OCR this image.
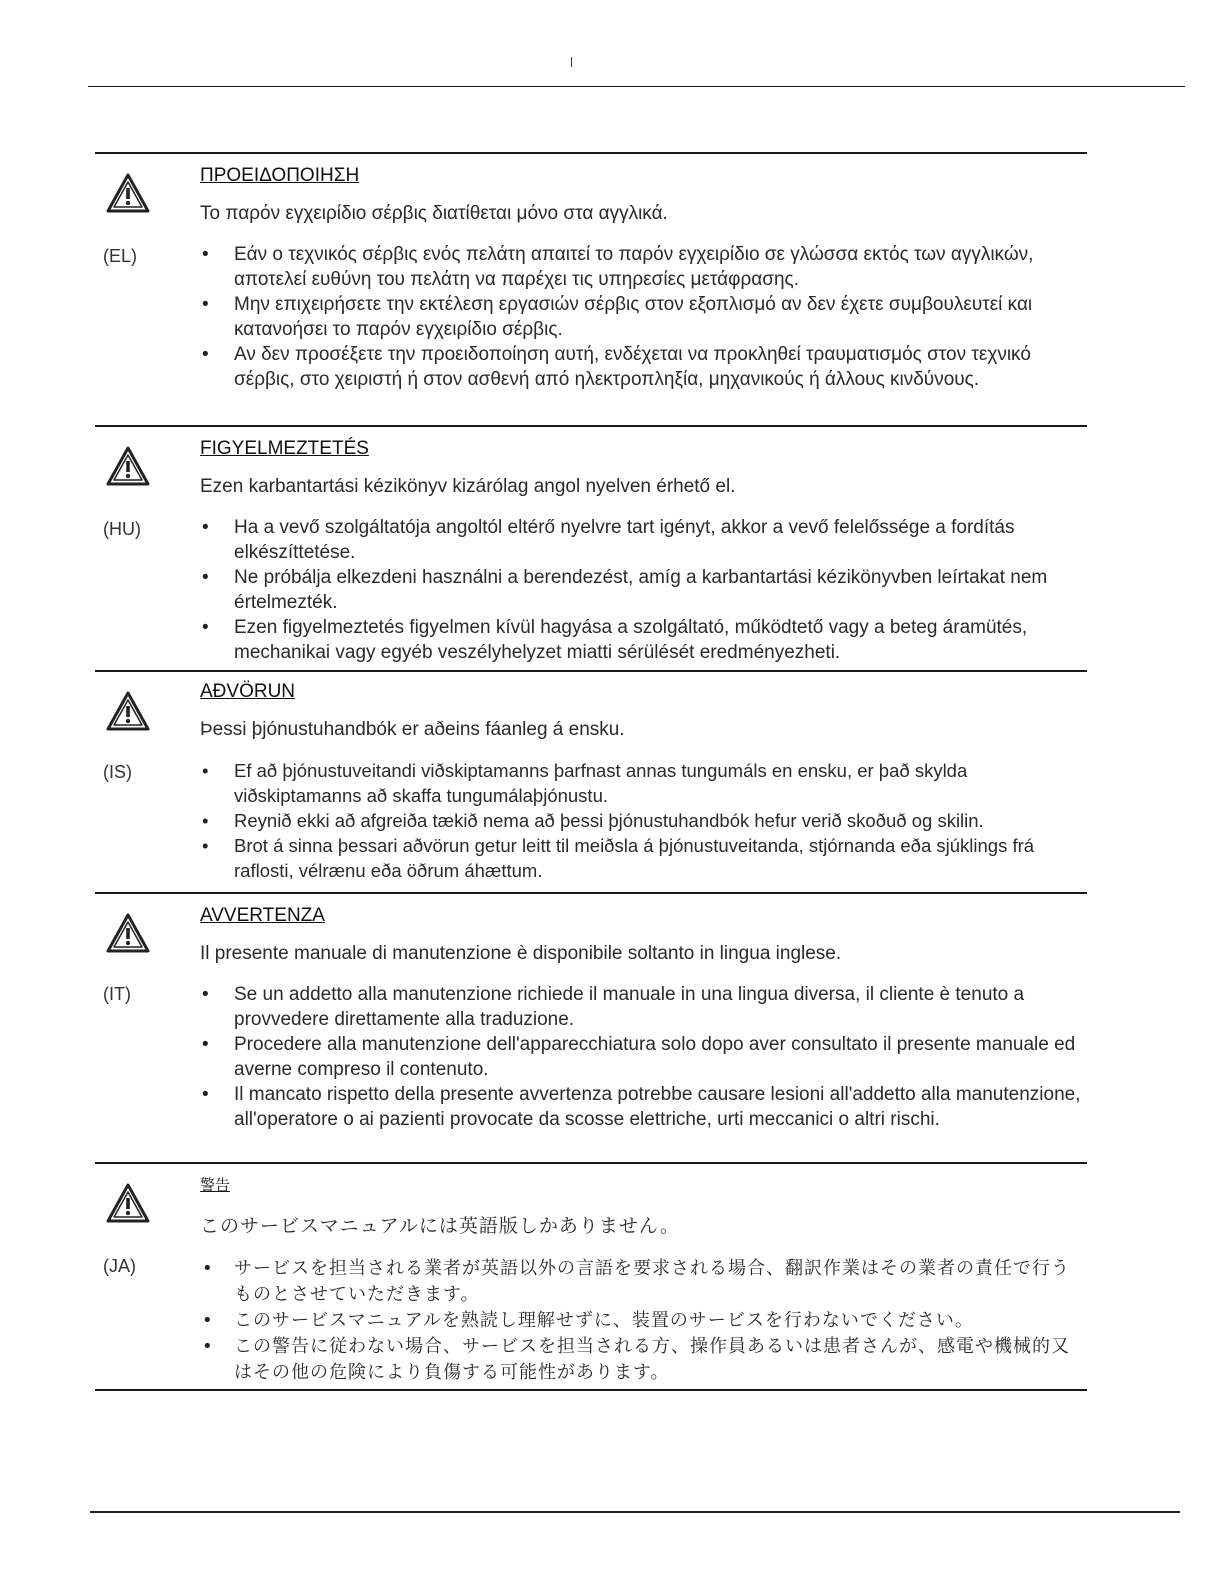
(EL)
ΠΡΟΕΙΔΟΠΟΙΗΣΗ
Το παρόν εγχειρίδιο σέρβις διατίθεται μόνο στα αγγλικά.
• Εάν ο τεχνικός σέρβις ενός πελάτη απαιτεί το παρόν εγχειρίδιο σε γλώσσα εκτός των αγγλικών, αποτελεί ευθύνη του πελάτη να παρέχει τις υπηρεσίες μετάφρασης.
• Μην επιχειρήσετε την εκτέλεση εργασιών σέρβις στον εξοπλισμό αν δεν έχετε συμβουλευτεί και κατανοήσει το παρόν εγχειρίδιο σέρβις.
• Αν δεν προσέξετε την προειδοποίηση αυτή, ενδέχεται να προκληθεί τραυματισμός στον τεχνικό σέρβις, στο χειριστή ή στον ασθενή από ηλεκτροπληξία, μηχανικούς ή άλλους κινδύνους.
(HU)
FIGYELMEZTETÉS
Ezen karbantartási kézikönyv kizárólag angol nyelven érhető el.
• Ha a vevő szolgáltatója angoltól eltérő nyelvre tart igényt, akkor a vevő felelőssége a fordítás elkészíttetése.
• Ne próbálja elkezdeni használni a berendezést, amíg a karbantartási kézikönyvben leírtakat nem értelmezték.
• Ezen figyelmeztetés figyelmen kívül hagyása a szolgáltató, működtető vagy a beteg áramütés, mechanikai vagy egyéb veszélyhelyzet miatti sérülését eredményezheti.
(IS)
AÐVÖRUN
Þessi þjónustuhandbók er aðeins fáanleg á ensku.
• Ef að þjónustuveitandi viðskiptamanns þarfnast annas tungumáls en ensku, er það skylda viðskiptamanns að skaffa tungumálaþjónustu.
• Reynið ekki að afgreiða tækið nema að þessi þjónustuhandbók hefur verið skoðuð og skilin.
• Brot á sinna þessari aðvörun getur leitt til meiðsla á þjónustuveitanda, stjórnanda eða sjúklings frá raflosti, vélrænu eða öðrum áhættum.
(IT)
AVVERTENZA
Il presente manuale di manutenzione è disponibile soltanto in lingua inglese.
• Se un addetto alla manutenzione richiede il manuale in una lingua diversa, il cliente è tenuto a provvedere direttamente alla traduzione.
• Procedere alla manutenzione dell'apparecchiatura solo dopo aver consultato il presente manuale ed averne compreso il contenuto.
• Il mancato rispetto della presente avvertenza potrebbe causare lesioni all'addetto alla manutenzione, all'operatore o ai pazienti provocate da scosse elettriche, urti meccanici o altri rischi.
(JA)
警告
このサービスマニュアルには英語版しかありません。
• サービスを担当される業者が英語以外の言語を要求される場合、翻訳作業はその業者の責任で行うものとさせていただきます。
• このサービスマニュアルを熟読し理解せずに、装置のサービスを行わないでください。
• この警告に従わない場合、サービスを担当される方、操作員あるいは患者さんが、感電や機械的又はその他の危険により負傷する可能性があります。
